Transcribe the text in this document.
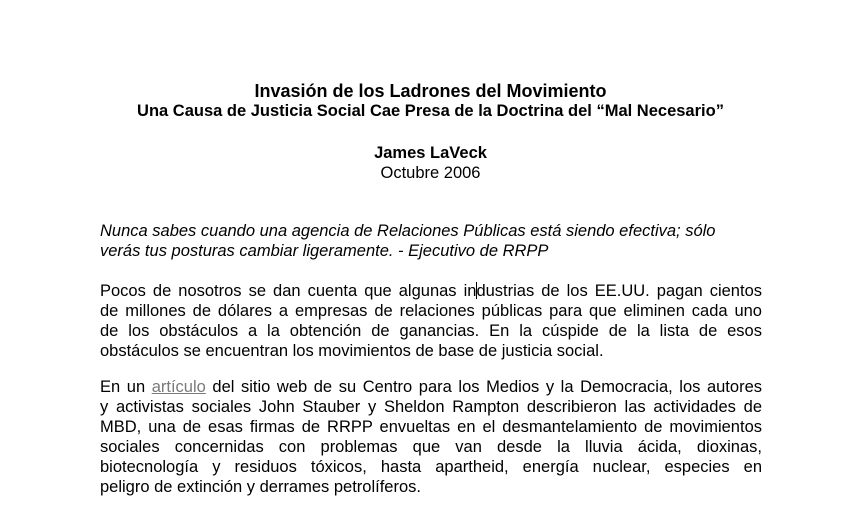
Invasión de los Ladrones del Movimiento
Una Causa de Justicia Social Cae Presa de la Doctrina del “Mal Necesario”
James LaVeck
Octubre 2006
Nunca sabes cuando una agencia de Relaciones Públicas está siendo efectiva; sólo
verás tus posturas cambiar ligeramente. - Ejecutivo de RRPP
Pocos de nosotros se dan cuenta que algunas industrias de los EE.UU. pagan cientos
de millones de dólares a empresas de relaciones públicas para que eliminen cada uno
de los obstáculos a la obtención de ganancias. En la cúspide de la lista de esos
obstáculos se encuentran los movimientos de base de justicia social.
En un artículo del sitio web de su Centro para los Medios y la Democracia, los autores
y activistas sociales John Stauber y Sheldon Rampton describieron las actividades de
MBD, una de esas firmas de RRPP envueltas en el desmantelamiento de movimientos
sociales concernidas con problemas que van desde la lluvia ácida, dioxinas,
biotecnología y residuos tóxicos, hasta apartheid, energía nuclear, especies en
peligro de extinción y derrames petrolíferos.
